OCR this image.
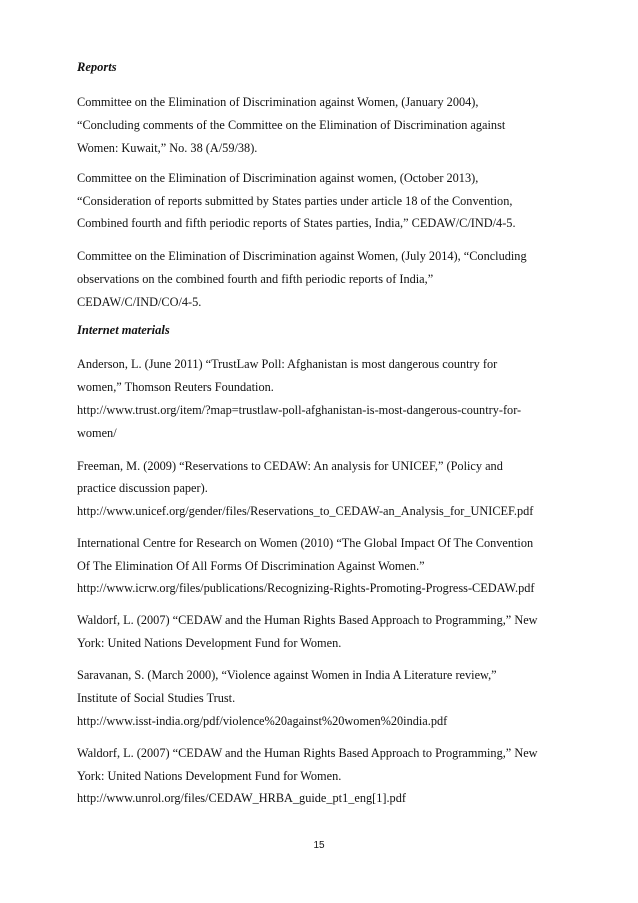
Reports
Committee on the Elimination of Discrimination against Women, (January 2004),
“Concluding comments of the Committee on the Elimination of Discrimination against
Women: Kuwait,” No. 38 (A/59/38).
Committee on the Elimination of Discrimination against women, (October 2013),
“Consideration of reports submitted by States parties under article 18 of the Convention,
Combined fourth and fifth periodic reports of States parties, India,” CEDAW/C/IND/4-5.
Committee on the Elimination of Discrimination against Women, (July 2014), “Concluding
observations on the combined fourth and fifth periodic reports of India,”
CEDAW/C/IND/CO/4-5.
Internet materials
Anderson, L. (June 2011) “TrustLaw Poll: Afghanistan is most dangerous country for
women,” Thomson Reuters Foundation.
http://www.trust.org/item/?map=trustlaw-poll-afghanistan-is-most-dangerous-country-for-
women/
Freeman, M. (2009) “Reservations to CEDAW: An analysis for UNICEF,” (Policy and
practice discussion paper).
http://www.unicef.org/gender/files/Reservations_to_CEDAW-an_Analysis_for_UNICEF.pdf
International Centre for Research on Women (2010) “The Global Impact Of The Convention
Of The Elimination Of All Forms Of Discrimination Against Women.”
http://www.icrw.org/files/publications/Recognizing-Rights-Promoting-Progress-CEDAW.pdf
Waldorf, L. (2007) “CEDAW and the Human Rights Based Approach to Programming,” New
York: United Nations Development Fund for Women.
Saravanan, S. (March 2000), “Violence against Women in India A Literature review,”
Institute of Social Studies Trust.
http://www.isst-india.org/pdf/violence%20against%20women%20india.pdf
Waldorf, L. (2007) “CEDAW and the Human Rights Based Approach to Programming,” New
York: United Nations Development Fund for Women.
http://www.unrol.org/files/CEDAW_HRBA_guide_pt1_eng[1].pdf
15
